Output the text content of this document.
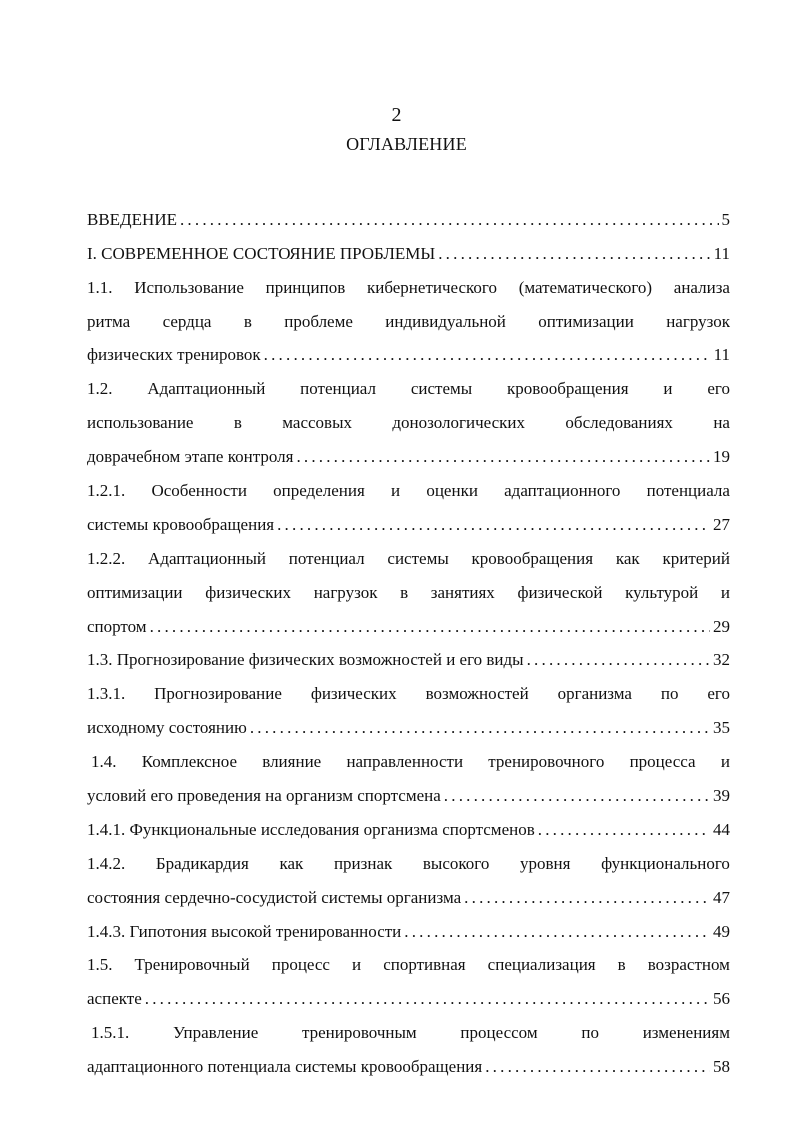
2
ОГЛАВЛЕНИЕ
ВВЕДЕНИЕ .....	5
I. СОВРЕМЕННОЕ СОСТОЯНИЕ ПРОБЛЕМЫ .....	11
1.1. Использование принципов кибернетического (математического) анализа
ритма сердца в проблеме индивидуальной оптимизации нагрузок
физических тренировок .....	11
1.2. Адаптационный потенциал системы кровообращения и его
использование в массовых донозологических обследованиях на
доврачебном этапе контроля .....	19
1.2.1. Особенности определения и оценки адаптационного потенциала
системы кровообращения .....	27
1.2.2. Адаптационный потенциал системы кровообращения как критерий
оптимизации физических нагрузок в занятиях физической культурой и
спортом .....	29
1.3. Прогнозирование физических возможностей и его виды .....	32
1.3.1. Прогнозирование физических возможностей организма по его
исходному состоянию .....	35
1.4. Комплексное влияние направленности тренировочного процесса и
условий его проведения на организм спортсмена .....	39
1.4.1. Функциональные исследования организма спортсменов .....	44
1.4.2. Брадикардия как признак высокого уровня функционального
состояния сердечно-сосудистой системы организма .....	47
1.4.3. Гипотония высокой тренированности .....	49
1.5. Тренировочный процесс и спортивная специализация в возрастном
аспекте .....	56
1.5.1.	Управление	тренировочным	процессом	по	изменениям
адаптационного потенциала системы кровообращения .....	58
